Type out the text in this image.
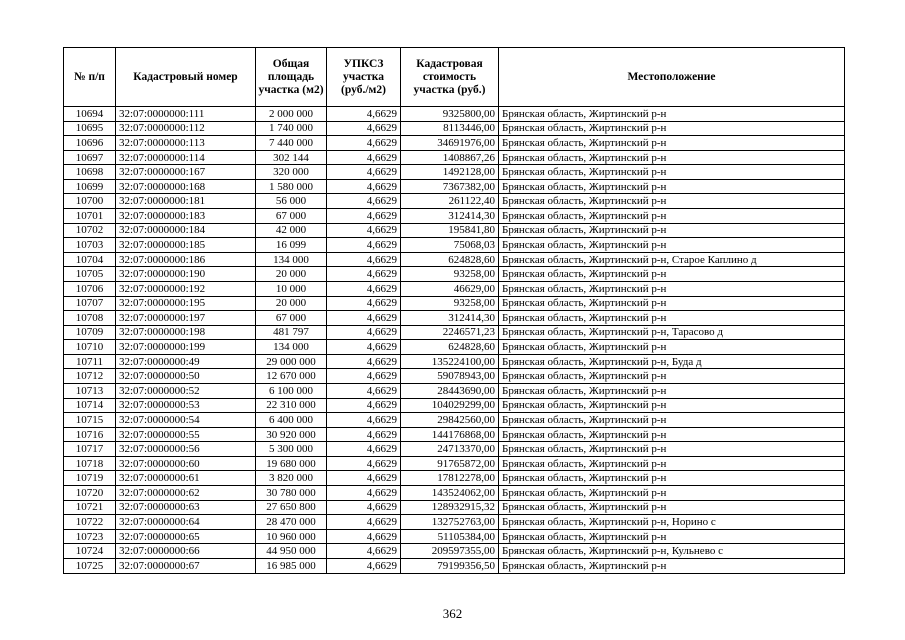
№ п/п	Кадастровый номер	Общая площадь участка (м2)	УПКСЗ участка (руб./м2)	Кадастровая стоимость участка (руб.)	Местоположение
10694	32:07:0000000:111	2 000 000	4,6629	9325800,00	Брянская область, Жиртинский р-н
10695	32:07:0000000:112	1 740 000	4,6629	8113446,00	Брянская область, Жиртинский р-н
10696	32:07:0000000:113	7 440 000	4,6629	34691976,00	Брянская область, Жиртинский р-н
10697	32:07:0000000:114	302 144	4,6629	1408867,26	Брянская область, Жиртинский р-н
10698	32:07:0000000:167	320 000	4,6629	1492128,00	Брянская область, Жиртинский р-н
10699	32:07:0000000:168	1 580 000	4,6629	7367382,00	Брянская область, Жиртинский р-н
10700	32:07:0000000:181	56 000	4,6629	261122,40	Брянская область, Жиртинский р-н
10701	32:07:0000000:183	67 000	4,6629	312414,30	Брянская область, Жиртинский р-н
10702	32:07:0000000:184	42 000	4,6629	195841,80	Брянская область, Жиртинский р-н
10703	32:07:0000000:185	16 099	4,6629	75068,03	Брянская область, Жиртинский р-н
10704	32:07:0000000:186	134 000	4,6629	624828,60	Брянская область, Жиртинский р-н, Старое Каплино д
10705	32:07:0000000:190	20 000	4,6629	93258,00	Брянская область, Жиртинский р-н
10706	32:07:0000000:192	10 000	4,6629	46629,00	Брянская область, Жиртинский р-н
10707	32:07:0000000:195	20 000	4,6629	93258,00	Брянская область, Жиртинский р-н
10708	32:07:0000000:197	67 000	4,6629	312414,30	Брянская область, Жиртинский р-н
10709	32:07:0000000:198	481 797	4,6629	2246571,23	Брянская область, Жиртинский р-н, Тарасово д
10710	32:07:0000000:199	134 000	4,6629	624828,60	Брянская область, Жиртинский р-н
10711	32:07:0000000:49	29 000 000	4,6629	135224100,00	Брянская область, Жиртинский р-н, Буда д
10712	32:07:0000000:50	12 670 000	4,6629	59078943,00	Брянская область, Жиртинский р-н
10713	32:07:0000000:52	6 100 000	4,6629	28443690,00	Брянская область, Жиртинский р-н
10714	32:07:0000000:53	22 310 000	4,6629	104029299,00	Брянская область, Жиртинский р-н
10715	32:07:0000000:54	6 400 000	4,6629	29842560,00	Брянская область, Жиртинский р-н
10716	32:07:0000000:55	30 920 000	4,6629	144176868,00	Брянская область, Жиртинский р-н
10717	32:07:0000000:56	5 300 000	4,6629	24713370,00	Брянская область, Жиртинский р-н
10718	32:07:0000000:60	19 680 000	4,6629	91765872,00	Брянская область, Жиртинский р-н
10719	32:07:0000000:61	3 820 000	4,6629	17812278,00	Брянская область, Жиртинский р-н
10720	32:07:0000000:62	30 780 000	4,6629	143524062,00	Брянская область, Жиртинский р-н
10721	32:07:0000000:63	27 650 800	4,6629	128932915,32	Брянская область, Жиртинский р-н
10722	32:07:0000000:64	28 470 000	4,6629	132752763,00	Брянская область, Жиртинский р-н, Норино с
10723	32:07:0000000:65	10 960 000	4,6629	51105384,00	Брянская область, Жиртинский р-н
10724	32:07:0000000:66	44 950 000	4,6629	209597355,00	Брянская область, Жиртинский р-н, Кульнево с
10725	32:07:0000000:67	16 985 000	4,6629	79199356,50	Брянская область, Жиртинский р-н
362
